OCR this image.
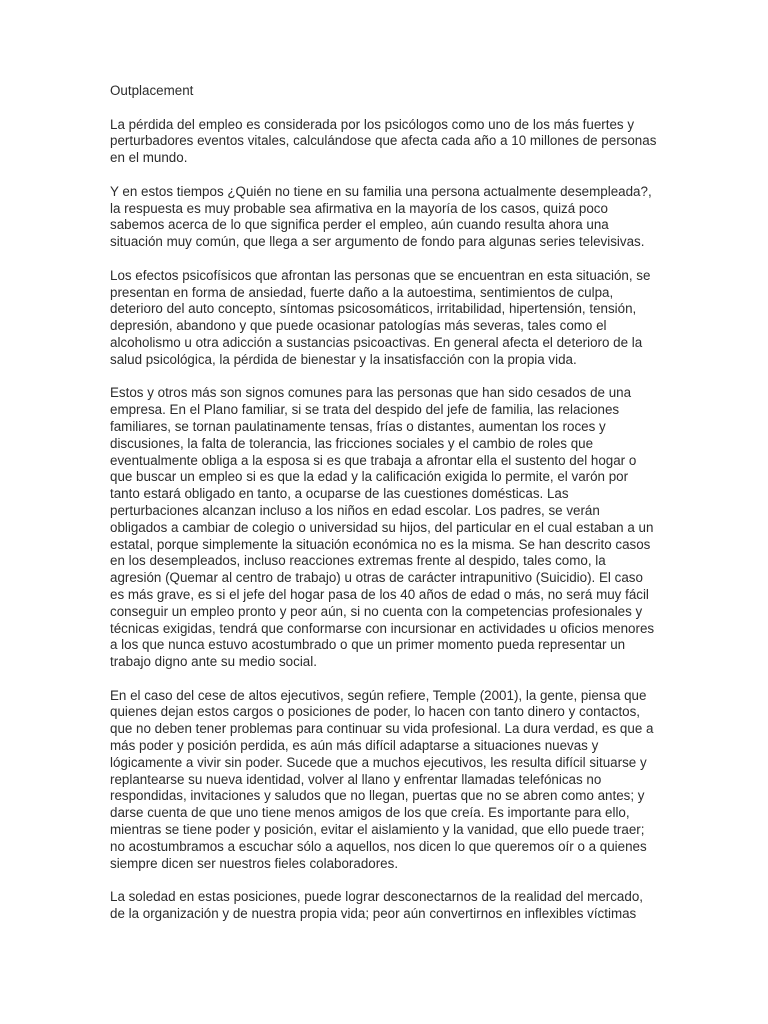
Outplacement

La pérdida del empleo es considerada por los psicólogos como uno de los más fuertes y perturbadores eventos vitales, calculándose que afecta cada año a 10 millones de personas en el mundo.

Y en estos tiempos ¿Quién no tiene en su familia una persona actualmente desempleada?, la respuesta es muy probable sea afirmativa en la mayoría de los casos, quizá poco sabemos acerca de lo que significa perder el empleo, aún cuando resulta ahora una situación muy común, que llega a ser argumento de fondo para algunas series televisivas.

Los efectos psicofísicos que afrontan las personas que se encuentran en esta situación, se presentan en forma de ansiedad, fuerte daño a la autoestima, sentimientos de culpa, deterioro del auto concepto, síntomas psicosomáticos, irritabilidad, hipertensión, tensión, depresión, abandono y que puede ocasionar patologías más severas, tales como el alcoholismo u otra adicción a sustancias psicoactivas. En general afecta el deterioro de la salud psicológica, la pérdida de bienestar y la insatisfacción con la propia vida.

Estos y otros más son signos comunes para las personas que han sido cesados de una empresa. En el Plano familiar, si se trata del despido del jefe de familia, las relaciones familiares, se tornan paulatinamente tensas, frías o distantes, aumentan los roces y discusiones, la falta de tolerancia, las fricciones sociales y el cambio de roles que eventualmente obliga a la esposa si es que trabaja a afrontar ella el sustento del hogar o que buscar un empleo si es que la edad y la calificación exigida lo permite, el varón por tanto estará obligado en tanto, a ocuparse de las cuestiones domésticas. Las perturbaciones alcanzan incluso a los niños en edad escolar. Los padres, se verán obligados a cambiar de colegio o universidad su hijos, del particular en el cual estaban a un estatal, porque simplemente la situación económica no es la misma. Se han descrito casos en los desempleados, incluso reacciones extremas frente al despido, tales como, la agresión (Quemar al centro de trabajo) u otras de carácter intrapunitivo (Suicidio). El caso es más grave, es si el jefe del hogar pasa de los 40 años de edad o más, no será muy fácil conseguir un empleo pronto y peor aún, si no cuenta con la competencias profesionales y técnicas exigidas, tendrá que conformarse con incursionar en actividades u oficios menores a los que nunca estuvo acostumbrado o que un primer momento pueda representar un trabajo digno ante su medio social.

En el caso del cese de altos ejecutivos, según refiere, Temple (2001), la gente, piensa que quienes dejan estos cargos o posiciones de poder, lo hacen con tanto dinero y contactos, que no deben tener problemas para continuar su vida profesional. La dura verdad, es que a más poder y posición perdida, es aún más difícil adaptarse a situaciones nuevas y lógicamente a vivir sin poder. Sucede que a muchos ejecutivos, les resulta difícil situarse y replantearse su nueva identidad, volver al llano y enfrentar llamadas telefónicas no respondidas, invitaciones y saludos que no llegan, puertas que no se abren como antes; y darse cuenta de que uno tiene menos amigos de los que creía. Es importante para ello, mientras se tiene poder y posición, evitar el aislamiento y la vanidad, que ello puede traer; no acostumbramos a escuchar sólo a aquellos, nos dicen lo que queremos oír o a quienes siempre dicen ser nuestros fieles colaboradores.

La soledad en estas posiciones, puede lograr desconectarnos de la realidad del mercado, de la organización y de nuestra propia vida; peor aún convertirnos en inflexibles víctimas
